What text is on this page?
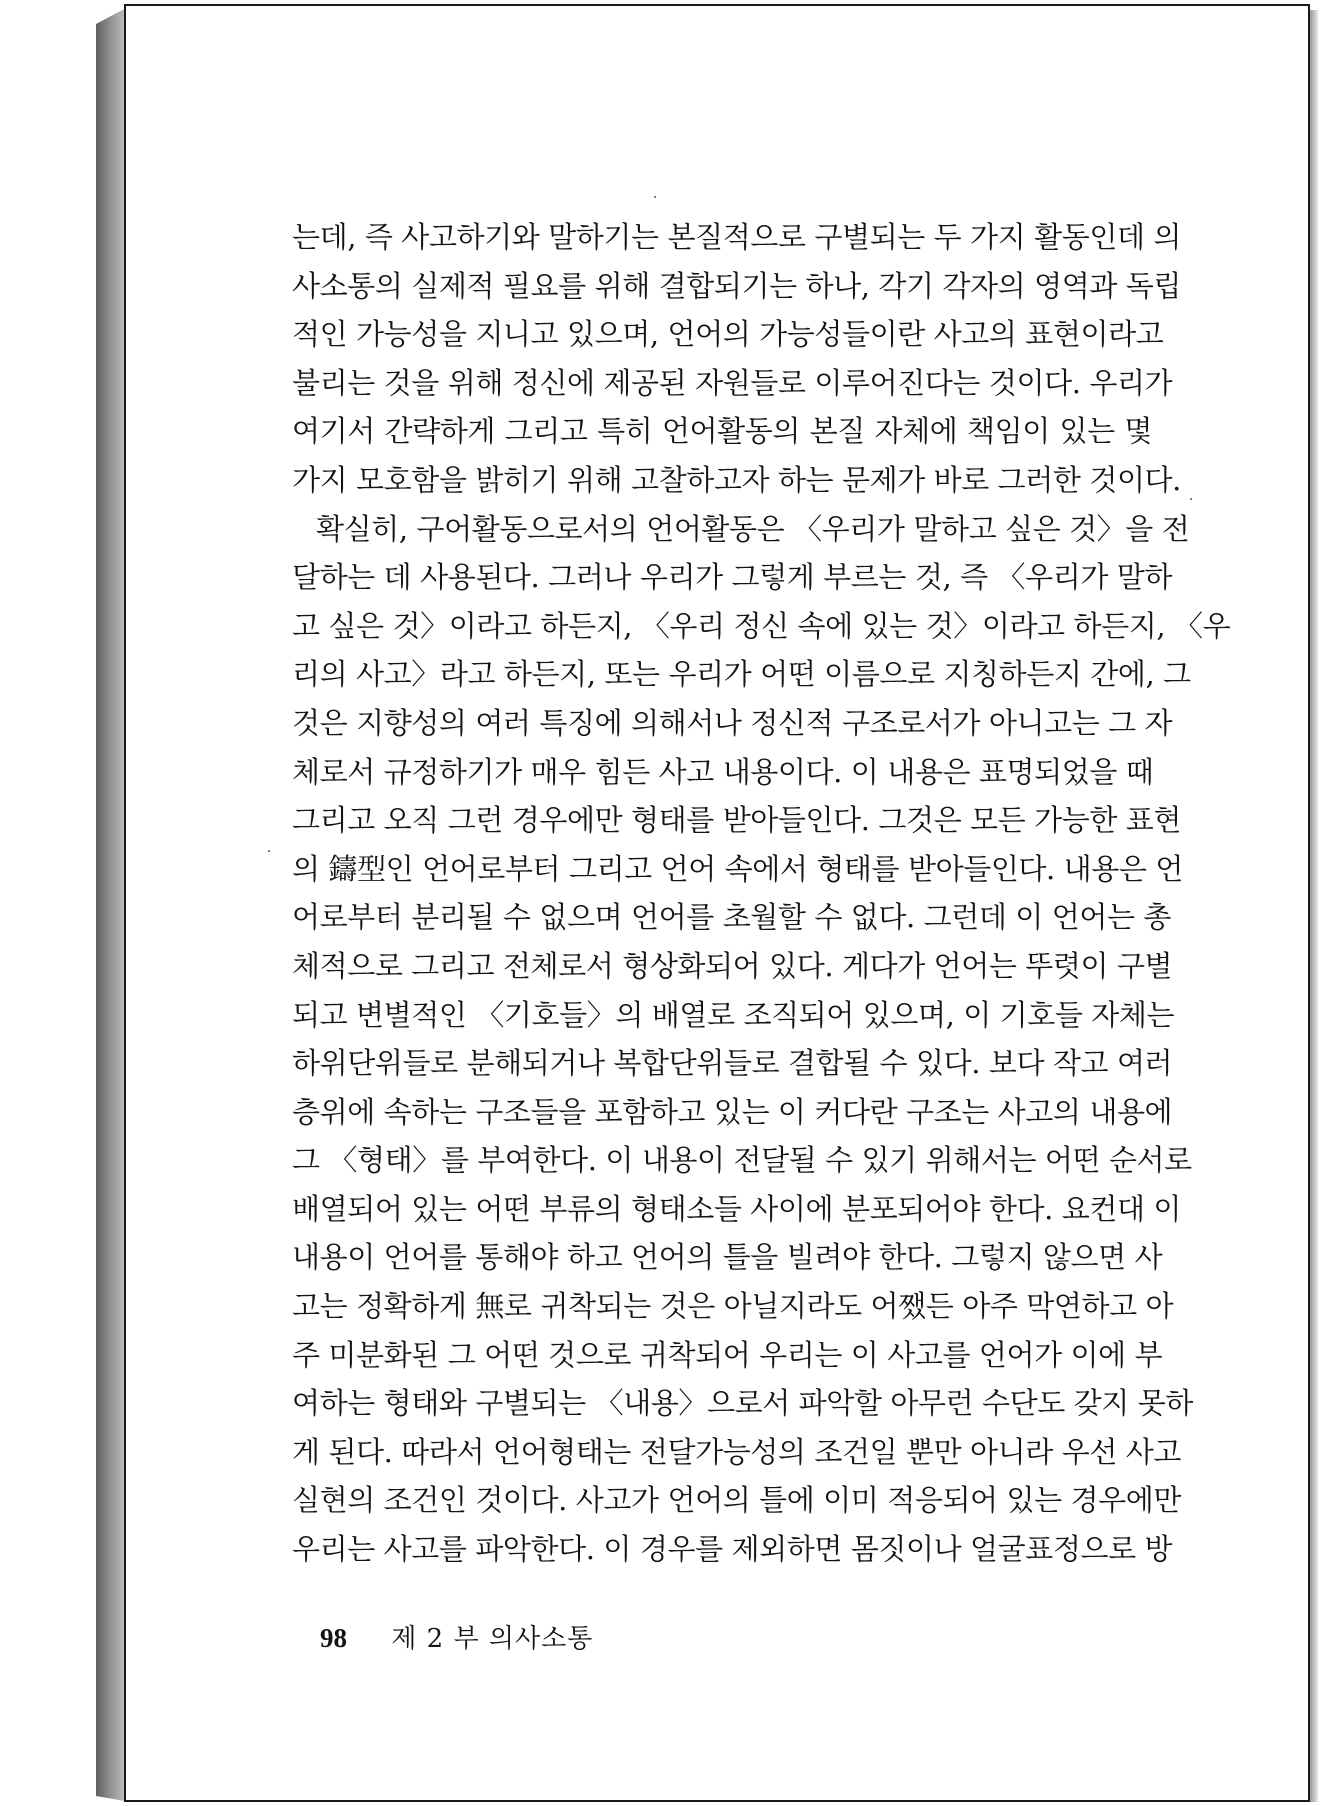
는데, 즉 사고하기와 말하기는 본질적으로 구별되는 두 가지 활동인데 의
사소통의 실제적 필요를 위해 결합되기는 하나, 각기 각자의 영역과 독립
적인 가능성을 지니고 있으며, 언어의 가능성들이란 사고의 표현이라고
불리는 것을 위해 정신에 제공된 자원들로 이루어진다는 것이다. 우리가
여기서 간략하게 그리고 특히 언어활동의 본질 자체에 책임이 있는 몇
가지 모호함을 밝히기 위해 고찰하고자 하는 문제가 바로 그러한 것이다.
확실히, 구어활동으로서의 언어활동은 〈우리가 말하고 싶은 것〉을 전
달하는 데 사용된다. 그러나 우리가 그렇게 부르는 것, 즉 〈우리가 말하
고 싶은 것〉이라고 하든지, 〈우리 정신 속에 있는 것〉이라고 하든지, 〈우
리의 사고〉라고 하든지, 또는 우리가 어떤 이름으로 지칭하든지 간에, 그
것은 지향성의 여러 특징에 의해서나 정신적 구조로서가 아니고는 그 자
체로서 규정하기가 매우 힘든 사고 내용이다. 이 내용은 표명되었을 때
그리고 오직 그런 경우에만 형태를 받아들인다. 그것은 모든 가능한 표현
의 鑄型인 언어로부터 그리고 언어 속에서 형태를 받아들인다. 내용은 언
어로부터 분리될 수 없으며 언어를 초월할 수 없다. 그런데 이 언어는 총
체적으로 그리고 전체로서 형상화되어 있다. 게다가 언어는 뚜렷이 구별
되고 변별적인 〈기호들〉의 배열로 조직되어 있으며, 이 기호들 자체는
하위단위들로 분해되거나 복합단위들로 결합될 수 있다. 보다 작고 여러
층위에 속하는 구조들을 포함하고 있는 이 커다란 구조는 사고의 내용에
그 〈형태〉를 부여한다. 이 내용이 전달될 수 있기 위해서는 어떤 순서로
배열되어 있는 어떤 부류의 형태소들 사이에 분포되어야 한다. 요컨대 이
내용이 언어를 통해야 하고 언어의 틀을 빌려야 한다. 그렇지 않으면 사
고는 정확하게 無로 귀착되는 것은 아닐지라도 어쨌든 아주 막연하고 아
주 미분화된 그 어떤 것으로 귀착되어 우리는 이 사고를 언어가 이에 부
여하는 형태와 구별되는 〈내용〉으로서 파악할 아무런 수단도 갖지 못하
게 된다. 따라서 언어형태는 전달가능성의 조건일 뿐만 아니라 우선 사고
실현의 조건인 것이다. 사고가 언어의 틀에 이미 적응되어 있는 경우에만
우리는 사고를 파악한다. 이 경우를 제외하면 몸짓이나 얼굴표정으로 방
98 제 2 부 의사소통
